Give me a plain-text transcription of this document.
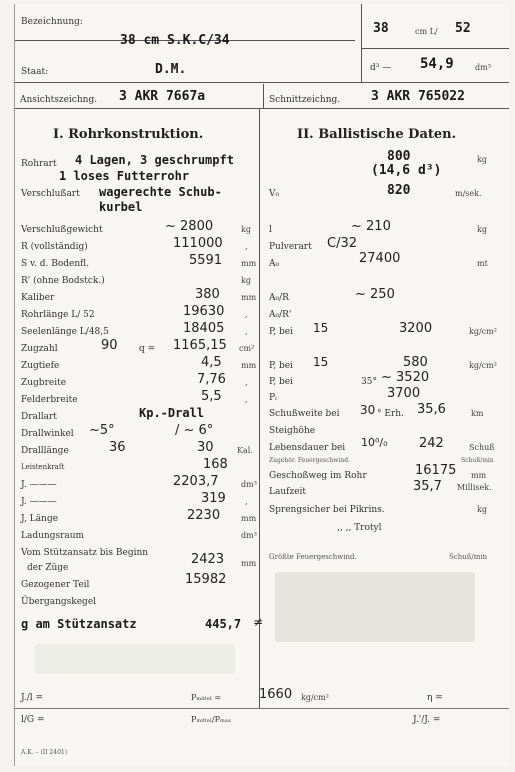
Bezeichnung:
38 cm S.K.C/34
38	cm L/ 52
Staat:	D.M.	d³ — 54,9	dm³
Ansichtszeichng. 3 AKR 7667a	Schnittzeichng. 3 AKR 765022
I. Rohrkonstruktion.	II. Ballistische Daten.
Rohrart 4 Lagen, 3 geschrumpft
1 loses Futterrohr
Verschlußart wagerechte Schub-
kurbel
Verschlußgewicht	~ 2800	kg
R (vollständig)	111000	,
S v. d. Bodenfl.	5591 mm
R' (ohne Bodstck.)	kg
Kaliber	380	mm
Rohrlänge L/ 52	19630	,
Seelenlänge L/48,5	18405	,
Zugzahl	90 q = 1165,15 cm²
Zugtiefe	4,5 mm
Zugbreite	7,76 ,
Felderbreite	5,5	,
Drallart	Kp.-Drall
Drallwinkel ~5°	/ ~ 6°
Dralllänge	36	30	Kal.
Leistenkraft	168
J. ———	2203,7	dm³
J. ———	319 ,
J, Länge	2230	mm
Ladungsraum	dm³
Vom Stützansatz bis Beginn
der Züge
2423 mm
Gezogener Teil	15982
Übergangskegel
g am Stützansatz	445,7 ≠
800
(14,6 d³)
kg
V₀	820	m/sek.
l	~ 210	kg
Pulverart C/32
A₀	27400	mt
A₀/R	~ 250
A₀/R'
P, bei 15	3200	kg/cm²
P, bei 15	580	kg/cm²
P, bei	35° ~ 3520
Pᵢ	3700
Schußweite bei 30 ° Erh. 35,6	km
Steighöhe
Lebensdauer bei 10⁰/₀ 242	Schuß
Zugehör. Feuergeschwind.	Schuß/min
Geschoßweg im Rohr	16175 mm
Laufzeit	35,7 Millisek.
Sprengsicher bei Pikrins.	kg
,, ,, Trotyl
Größte Feuergeschwind.	Schuß/min
J./l =
l/G =
Pₘᵢₜₜₑₗ =	1660 kg/cm²
Pₘᵢₜₜₑₗ/Pₘₐₓ
η =
J.'/J. =
A.K. – (II 2401)
